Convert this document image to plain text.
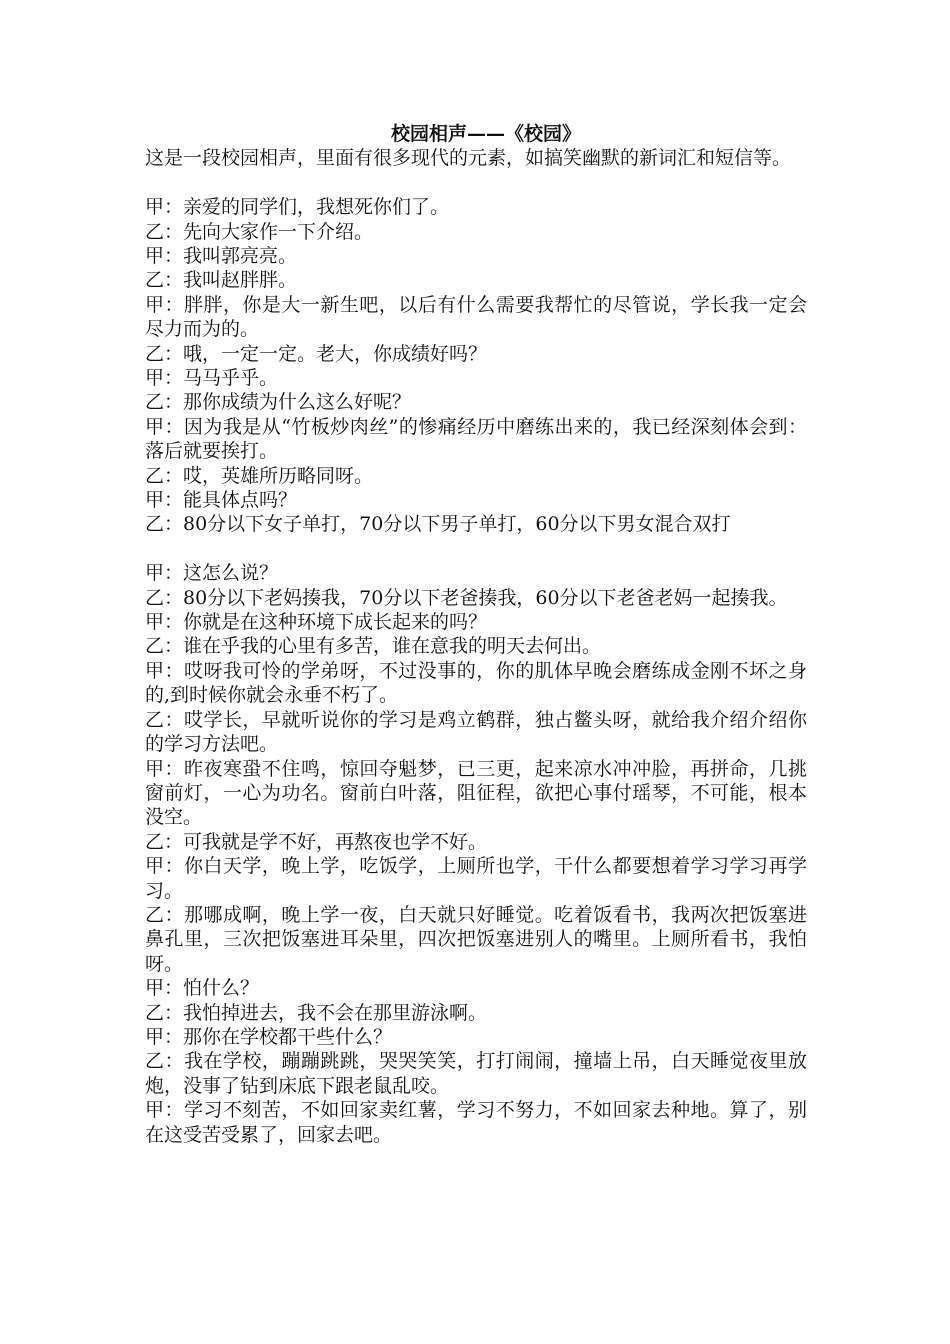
校园相声——《校园》

这是一段校园相声，里面有很多现代的元素，如搞笑幽默的新词汇和短信等。

甲：亲爱的同学们，我想死你们了。

乙：先向大家作一下介绍。

甲：我叫郭亮亮。

乙：我叫赵胖胖。

甲：胖胖，你是大一新生吧，以后有什么需要我帮忙的尽管说，学长我一定会尽力而为的。

乙：哦，一定一定。老大，你成绩好吗？

甲：马马乎乎。

乙：那你成绩为什么这么好呢？

甲：因为我是从“竹板炒肉丝”的惨痛经历中磨练出来的，我已经深刻体会到：落后就要挨打。

乙：哎，英雄所历略同呀。

甲：能具体点吗？

乙：80分以下女子单打，70分以下男子单打，60分以下男女混合双打

甲：这怎么说？

乙：80分以下老妈揍我，70分以下老爸揍我，60分以下老爸老妈一起揍我。

甲：你就是在这种环境下成长起来的吗？

乙：谁在乎我的心里有多苦，谁在意我的明天去何出。

甲：哎呀我可怜的学弟呀，不过没事的，你的肌体早晚会磨练成金刚不坏之身的,到时候你就会永垂不朽了。

乙：哎学长，早就听说你的学习是鸡立鹤群，独占鳖头呀，就给我介绍介绍你的学习方法吧。

甲：昨夜寒蛩不住鸣，惊回夺魁梦，已三更，起来凉水冲冲脸，再拼命，几挑窗前灯，一心为功名。窗前白叶落，阻征程，欲把心事付瑶琴，不可能，根本没空。

乙：可我就是学不好，再熬夜也学不好。

甲：你白天学，晚上学，吃饭学，上厕所也学，干什么都要想着学习学习再学习。

乙：那哪成啊，晚上学一夜，白天就只好睡觉。吃着饭看书，我两次把饭塞进鼻孔里，三次把饭塞进耳朵里，四次把饭塞进别人的嘴里。上厕所看书，我怕呀。

甲：怕什么？

乙：我怕掉进去，我不会在那里游泳啊。

甲：那你在学校都干些什么？

乙：我在学校，蹦蹦跳跳，哭哭笑笑，打打闹闹，撞墙上吊，白天睡觉夜里放炮，没事了钻到床底下跟老鼠乱咬。

甲：学习不刻苦，不如回家卖红薯，学习不努力，不如回家去种地。算了，别在这受苦受累了，回家去吧。
